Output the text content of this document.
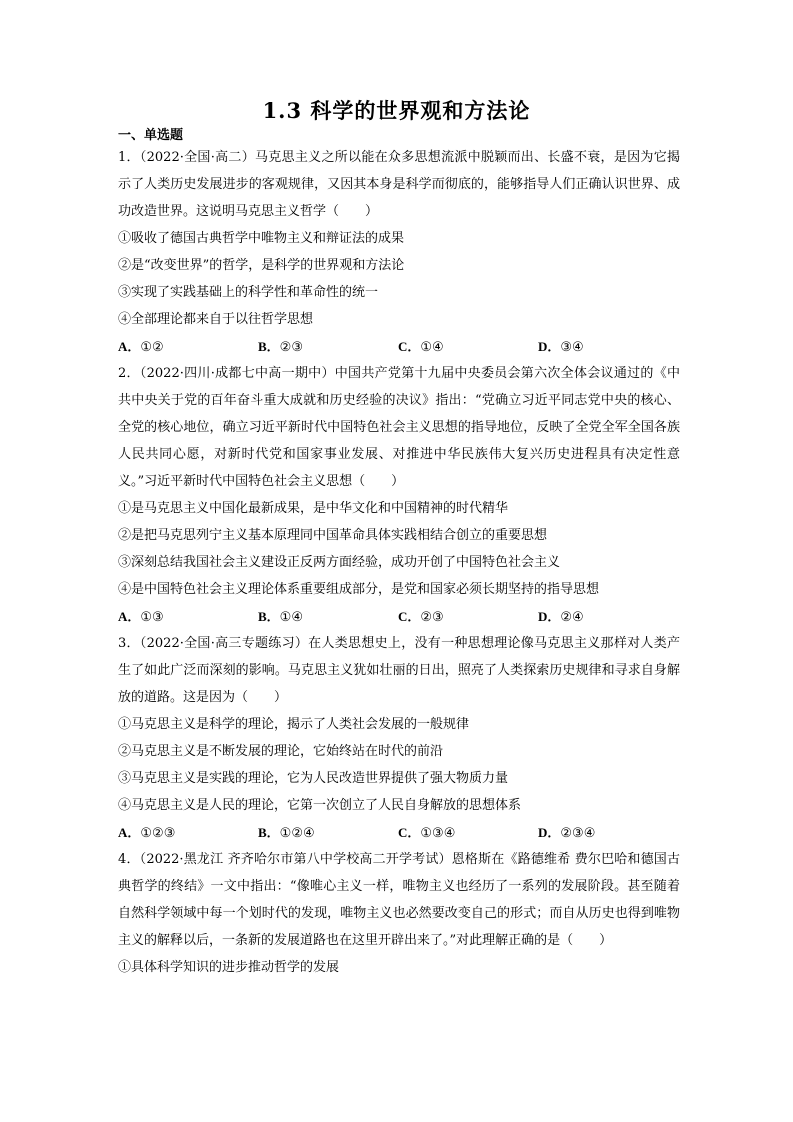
1.3 科学的世界观和方法论
一、单选题
1．（2022·全国·高二）马克思主义之所以能在众多思想流派中脱颖而出、长盛不衰，是因为它揭示了人类历史发展进步的客观规律，又因其本身是科学而彻底的，能够指导人们正确认识世界、成功改造世界。这说明马克思主义哲学（　　）
①吸收了德国古典哲学中唯物主义和辩证法的成果
②是“改变世界”的哲学，是科学的世界观和方法论
③实现了实践基础上的科学性和革命性的统一
④全部理论都来自于以往哲学思想
A．①②	B．②③	C．①④	D．③④
2．（2022·四川·成都七中高一期中）中国共产党第十九届中央委员会第六次全体会议通过的《中共中央关于党的百年奋斗重大成就和历史经验的决议》指出：“党确立习近平同志党中央的核心、全党的核心地位，确立习近平新时代中国特色社会主义思想的指导地位，反映了全党全军全国各族人民共同心愿，对新时代党和国家事业发展、对推进中华民族伟大复兴历史进程具有决定性意义。”习近平新时代中国特色社会主义思想（　　）
①是马克思主义中国化最新成果，是中华文化和中国精神的时代精华
②是把马克思列宁主义基本原理同中国革命具体实践相结合创立的重要思想
③深刻总结我国社会主义建设正反两方面经验，成功开创了中国特色社会主义
④是中国特色社会主义理论体系重要组成部分，是党和国家必须长期坚持的指导思想
A．①③	B．①④	C．②③	D．②④
3．（2022·全国·高三专题练习）在人类思想史上，没有一种思想理论像马克思主义那样对人类产生了如此广泛而深刻的影响。马克思主义犹如壮丽的日出，照亮了人类探索历史规律和寻求自身解放的道路。这是因为（　　）
①马克思主义是科学的理论，揭示了人类社会发展的一般规律
②马克思主义是不断发展的理论，它始终站在时代的前沿
③马克思主义是实践的理论，它为人民改造世界提供了强大物质力量
④马克思主义是人民的理论，它第一次创立了人民自身解放的思想体系
A．①②③	B．①②④	C．①③④	D．②③④
4．（2022·黑龙江 齐齐哈尔市第八中学校高二开学考试）恩格斯在《路德维希 费尔巴哈和德国古典哲学的终结》一文中指出：“像唯心主义一样，唯物主义也经历了一系列的发展阶段。甚至随着自然科学领域中每一个划时代的发现，唯物主义也必然要改变自己的形式；而自从历史也得到唯物主义的解释以后，一条新的发展道路也在这里开辟出来了。”对此理解正确的是（　　）
①具体科学知识的进步推动哲学的发展
